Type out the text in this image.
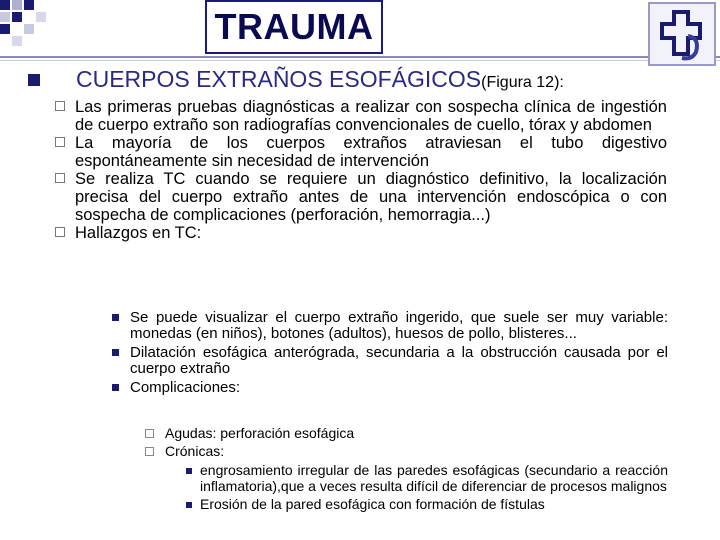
TRAUMA
CUERPOS EXTRAÑOS ESOFÁGICOS(Figura 12):

Las primeras pruebas diagnósticas a realizar con sospecha clínica de ingestión de cuerpo extraño son radiografías convencionales de cuello, tórax y abdomen

La mayoría de los cuerpos extraños atraviesan el tubo digestivo espontáneamente sin necesidad de intervención

Se realiza TC cuando se requiere un diagnóstico definitivo, la localización precisa del cuerpo extraño antes de una intervención endoscópica o con sospecha de complicaciones (perforación, hemorragia...)

Hallazgos en TC:

Se puede visualizar el cuerpo extraño ingerido, que suele ser muy variable: monedas (en niños), botones (adultos), huesos de pollo, blisteres...

Dilatación esofágica anterógrada, secundaria a la obstrucción causada por el cuerpo extraño

Complicaciones:

Agudas: perforación esofágica

Crónicas:

engrosamiento irregular de las paredes esofágicas (secundario a reacción inflamatoria),que a veces resulta difícil de diferenciar de procesos malignos

Erosión de la pared esofágica con formación de fístulas
